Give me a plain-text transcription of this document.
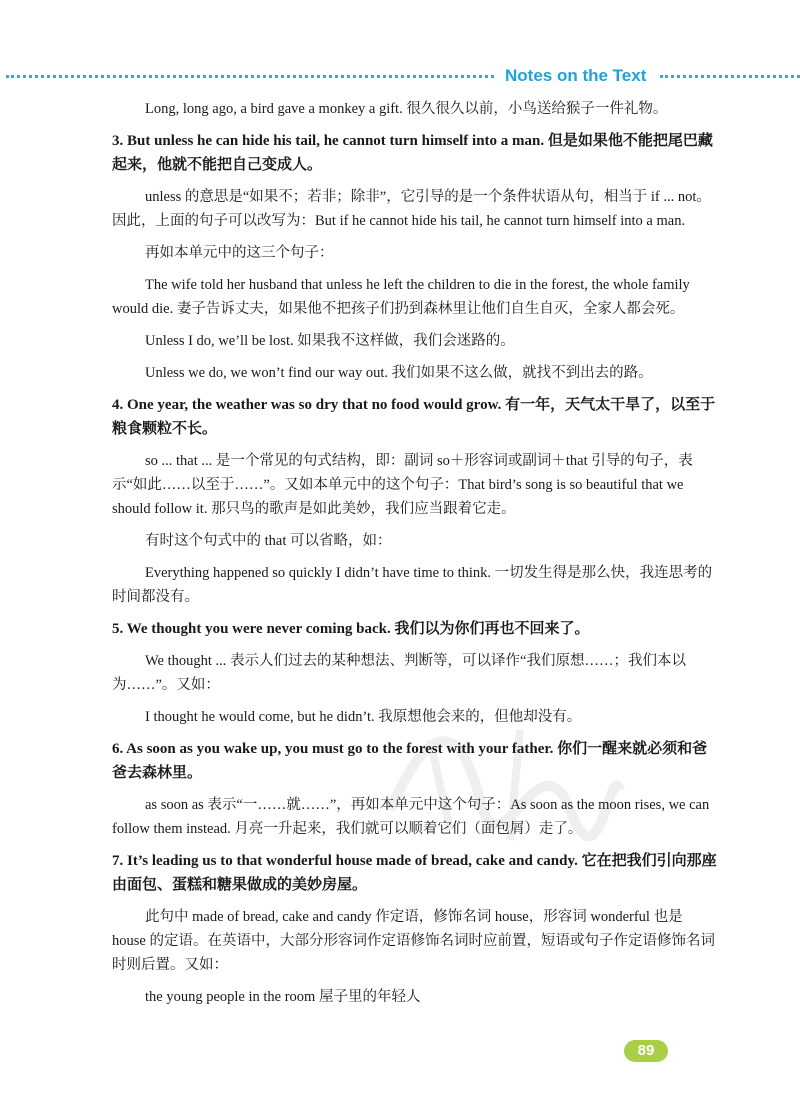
Notes on the Text

Long, long ago, a bird gave a monkey a gift. 很久很久以前，小鸟送给猴子一件礼物。

3. But unless he can hide his tail, he cannot turn himself into a man. 但是如果他不能把尾巴藏起来，他就不能把自己变成人。

unless 的意思是“如果不；若非；除非”，它引导的是一个条件状语从句，相当于 if ... not。因此，上面的句子可以改写为：But if he cannot hide his tail, he cannot turn himself into a man.

再如本单元中的这三个句子：

The wife told her husband that unless he left the children to die in the forest, the whole family would die. 妻子告诉丈夫，如果他不把孩子们扔到森林里让他们自生自灭，全家人都会死。

Unless I do, we’ll be lost. 如果我不这样做，我们会迷路的。

Unless we do, we won’t find our way out. 我们如果不这么做，就找不到出去的路。

4. One year, the weather was so dry that no food would grow. 有一年，天气太干旱了，以至于粮食颗粒不长。

so ... that ... 是一个常见的句式结构，即：副词 so＋形容词或副词＋that 引导的句子，表示“如此……以至于……”。又如本单元中的这个句子：That bird’s song is so beautiful that we should follow it. 那只鸟的歌声是如此美妙，我们应当跟着它走。

有时这个句式中的 that 可以省略，如：

Everything happened so quickly I didn’t have time to think. 一切发生得是那么快，我连思考的时间都没有。

5. We thought you were never coming back. 我们以为你们再也不回来了。

We thought ... 表示人们过去的某种想法、判断等，可以译作“我们原想……；我们本以为……”。又如：

I thought he would come, but he didn’t. 我原想他会来的，但他却没有。

6. As soon as you wake up, you must go to the forest with your father. 你们一醒来就必须和爸爸去森林里。

as soon as 表示“一……就……”，再如本单元中这个句子：As soon as the moon rises, we can follow them instead. 月亮一升起来，我们就可以顺着它们（面包屑）走了。

7. It’s leading us to that wonderful house made of bread, cake and candy. 它在把我们引向那座由面包、蛋糕和糖果做成的美妙房屋。

此句中 made of bread, cake and candy 作定语，修饰名词 house，形容词 wonderful 也是 house 的定语。在英语中，大部分形容词作定语修饰名词时应前置，短语或句子作定语修饰名词时则后置。又如：

the young people in the room 屋子里的年轻人

89
